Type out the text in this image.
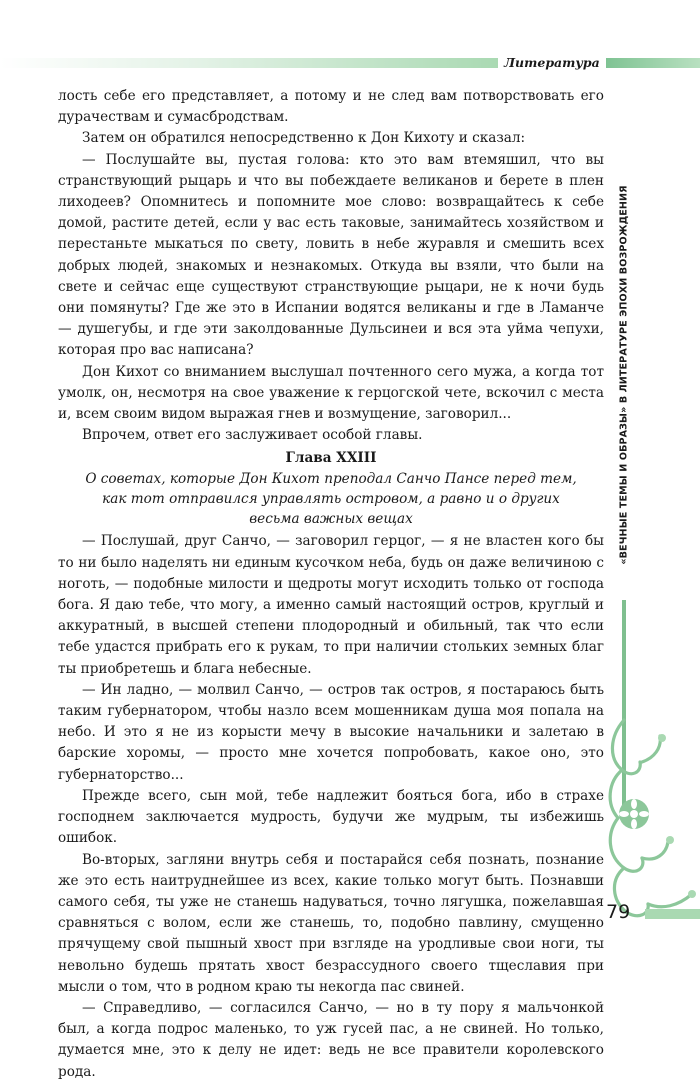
Литература

лость себе его представляет, а потому и не след вам потворствовать его дурачествам и сумасбродствам.

Затем он обратился непосредственно к Дон Кихоту и сказал:

— Послушайте вы, пустая голова: кто это вам втемяшил, что вы странствующий рыцарь и что вы побеждаете великанов и берете в плен лиходеев? Опомнитесь и попомните мое слово: возвращайтесь к себе домой, растите детей, если у вас есть таковые, занимайтесь хозяйством и перестаньте мыкаться по свету, ловить в небе журавля и смешить всех добрых людей, знакомых и незнакомых. Откуда вы взяли, что были на свете и сейчас еще существуют странствующие рыцари, не к ночи будь они помянуты? Где же это в Испании водятся великаны и где в Ламанче — душегубы, и где эти заколдованные Дульсинеи и вся эта уйма чепухи, которая про вас написана?

Дон Кихот со вниманием выслушал почтенного сего мужа, а когда тот умолк, он, несмотря на свое уважение к герцогской чете, вскочил с места и, всем своим видом выражая гнев и возмущение, заговорил...

Впрочем, ответ его заслуживает особой главы.

Глава XXIII
О советах, которые Дон Кихот преподал Санчо Пансе перед тем,
как тот отправился управлять островом, а равно и о других
весьма важных вещах

— Послушай, друг Санчо, — заговорил герцог, — я не властен кого бы то ни было наделять ни единым кусочком неба, будь он даже величиною с ноготь, — подобные милости и щедроты могут исходить только от господа бога. Я даю тебе, что могу, а именно самый настоящий остров, круглый и аккуратный, в высшей степени плодородный и обильный, так что если тебе удастся прибрать его к рукам, то при наличии стольких земных благ ты приобретешь и блага небесные.

— Ин ладно, — молвил Санчо, — остров так остров, я постараюсь быть таким губернатором, чтобы назло всем мошенникам душа моя попала на небо. И это я не из корысти мечу в высокие начальники и залетаю в барские хоромы, — просто мне хочется попробовать, какое оно, это губернаторство...

Прежде всего, сын мой, тебе надлежит бояться бога, ибо в страхе господнем заключается мудрость, будучи же мудрым, ты избежишь ошибок.

Во-вторых, загляни внутрь себя и постарайся себя познать, познание же это есть наитруднейшее из всех, какие только могут быть. Познавши самого себя, ты уже не станешь надуваться, точно лягушка, пожелавшая сравняться с волом, если же станешь, то, подобно павлину, смущенно прячущему свой пышный хвост при взгляде на уродливые свои ноги, ты невольно будешь прятать хвост безрассудного своего тщеславия при мысли о том, что в родном краю ты некогда пас свиней.

— Справедливо, — согласился Санчо, — но в ту пору я мальчонкой был, а когда подрос маленько, то уж гусей пас, а не свиней. Но только, думается мне, это к делу не идет: ведь не все правители королевского рода.

«ВЕЧНЫЕ ТЕМЫ И ОБРАЗЫ» В ЛИТЕРАТУРЕ ЭПОХИ ВОЗРОЖДЕНИЯ
79
